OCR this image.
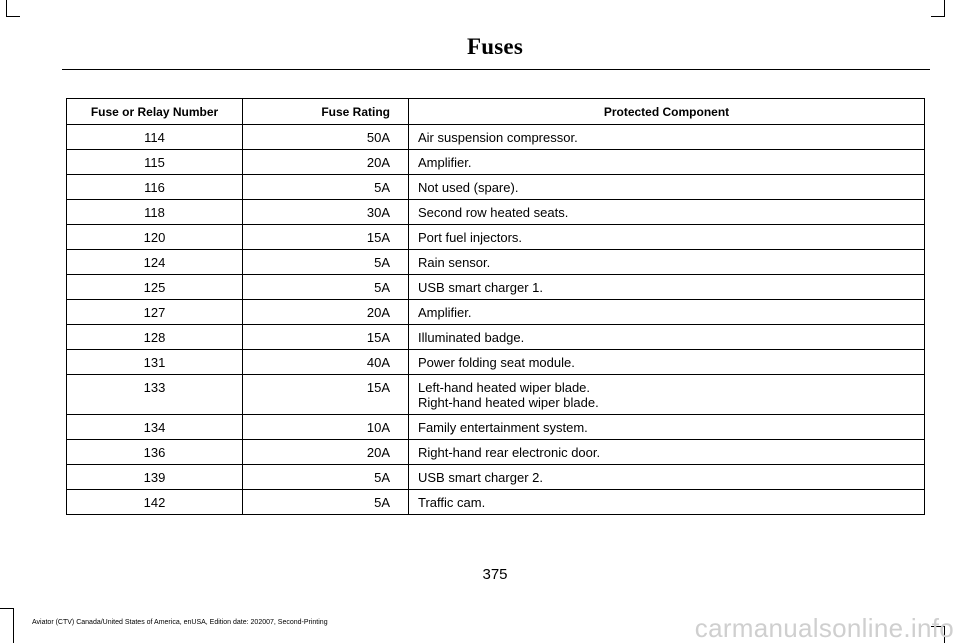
Fuses
Fuse or Relay Number	Fuse Rating	Protected Component
114	50A	Air suspension compressor.

115	20A	Amplifier.

116	5A	Not used (spare).

118	30A	Second row heated seats.

120	15A	Port fuel injectors.

124	5A	Rain sensor.

125	5A	USB smart charger 1.

127	20A	Amplifier.

128	15A	Illuminated badge.

131	40A	Power folding seat module.

133	15A	Left-hand heated wiper blade.
Right-hand heated wiper blade.

134	10A	Family entertainment system.

136	20A	Right-hand rear electronic door.

139	5A	USB smart charger 2.

142	5A	Traffic cam.
375
Aviator (CTV) Canada/United States of America, enUSA, Edition date: 202007, Second-Printing	carmanualsonline.info
